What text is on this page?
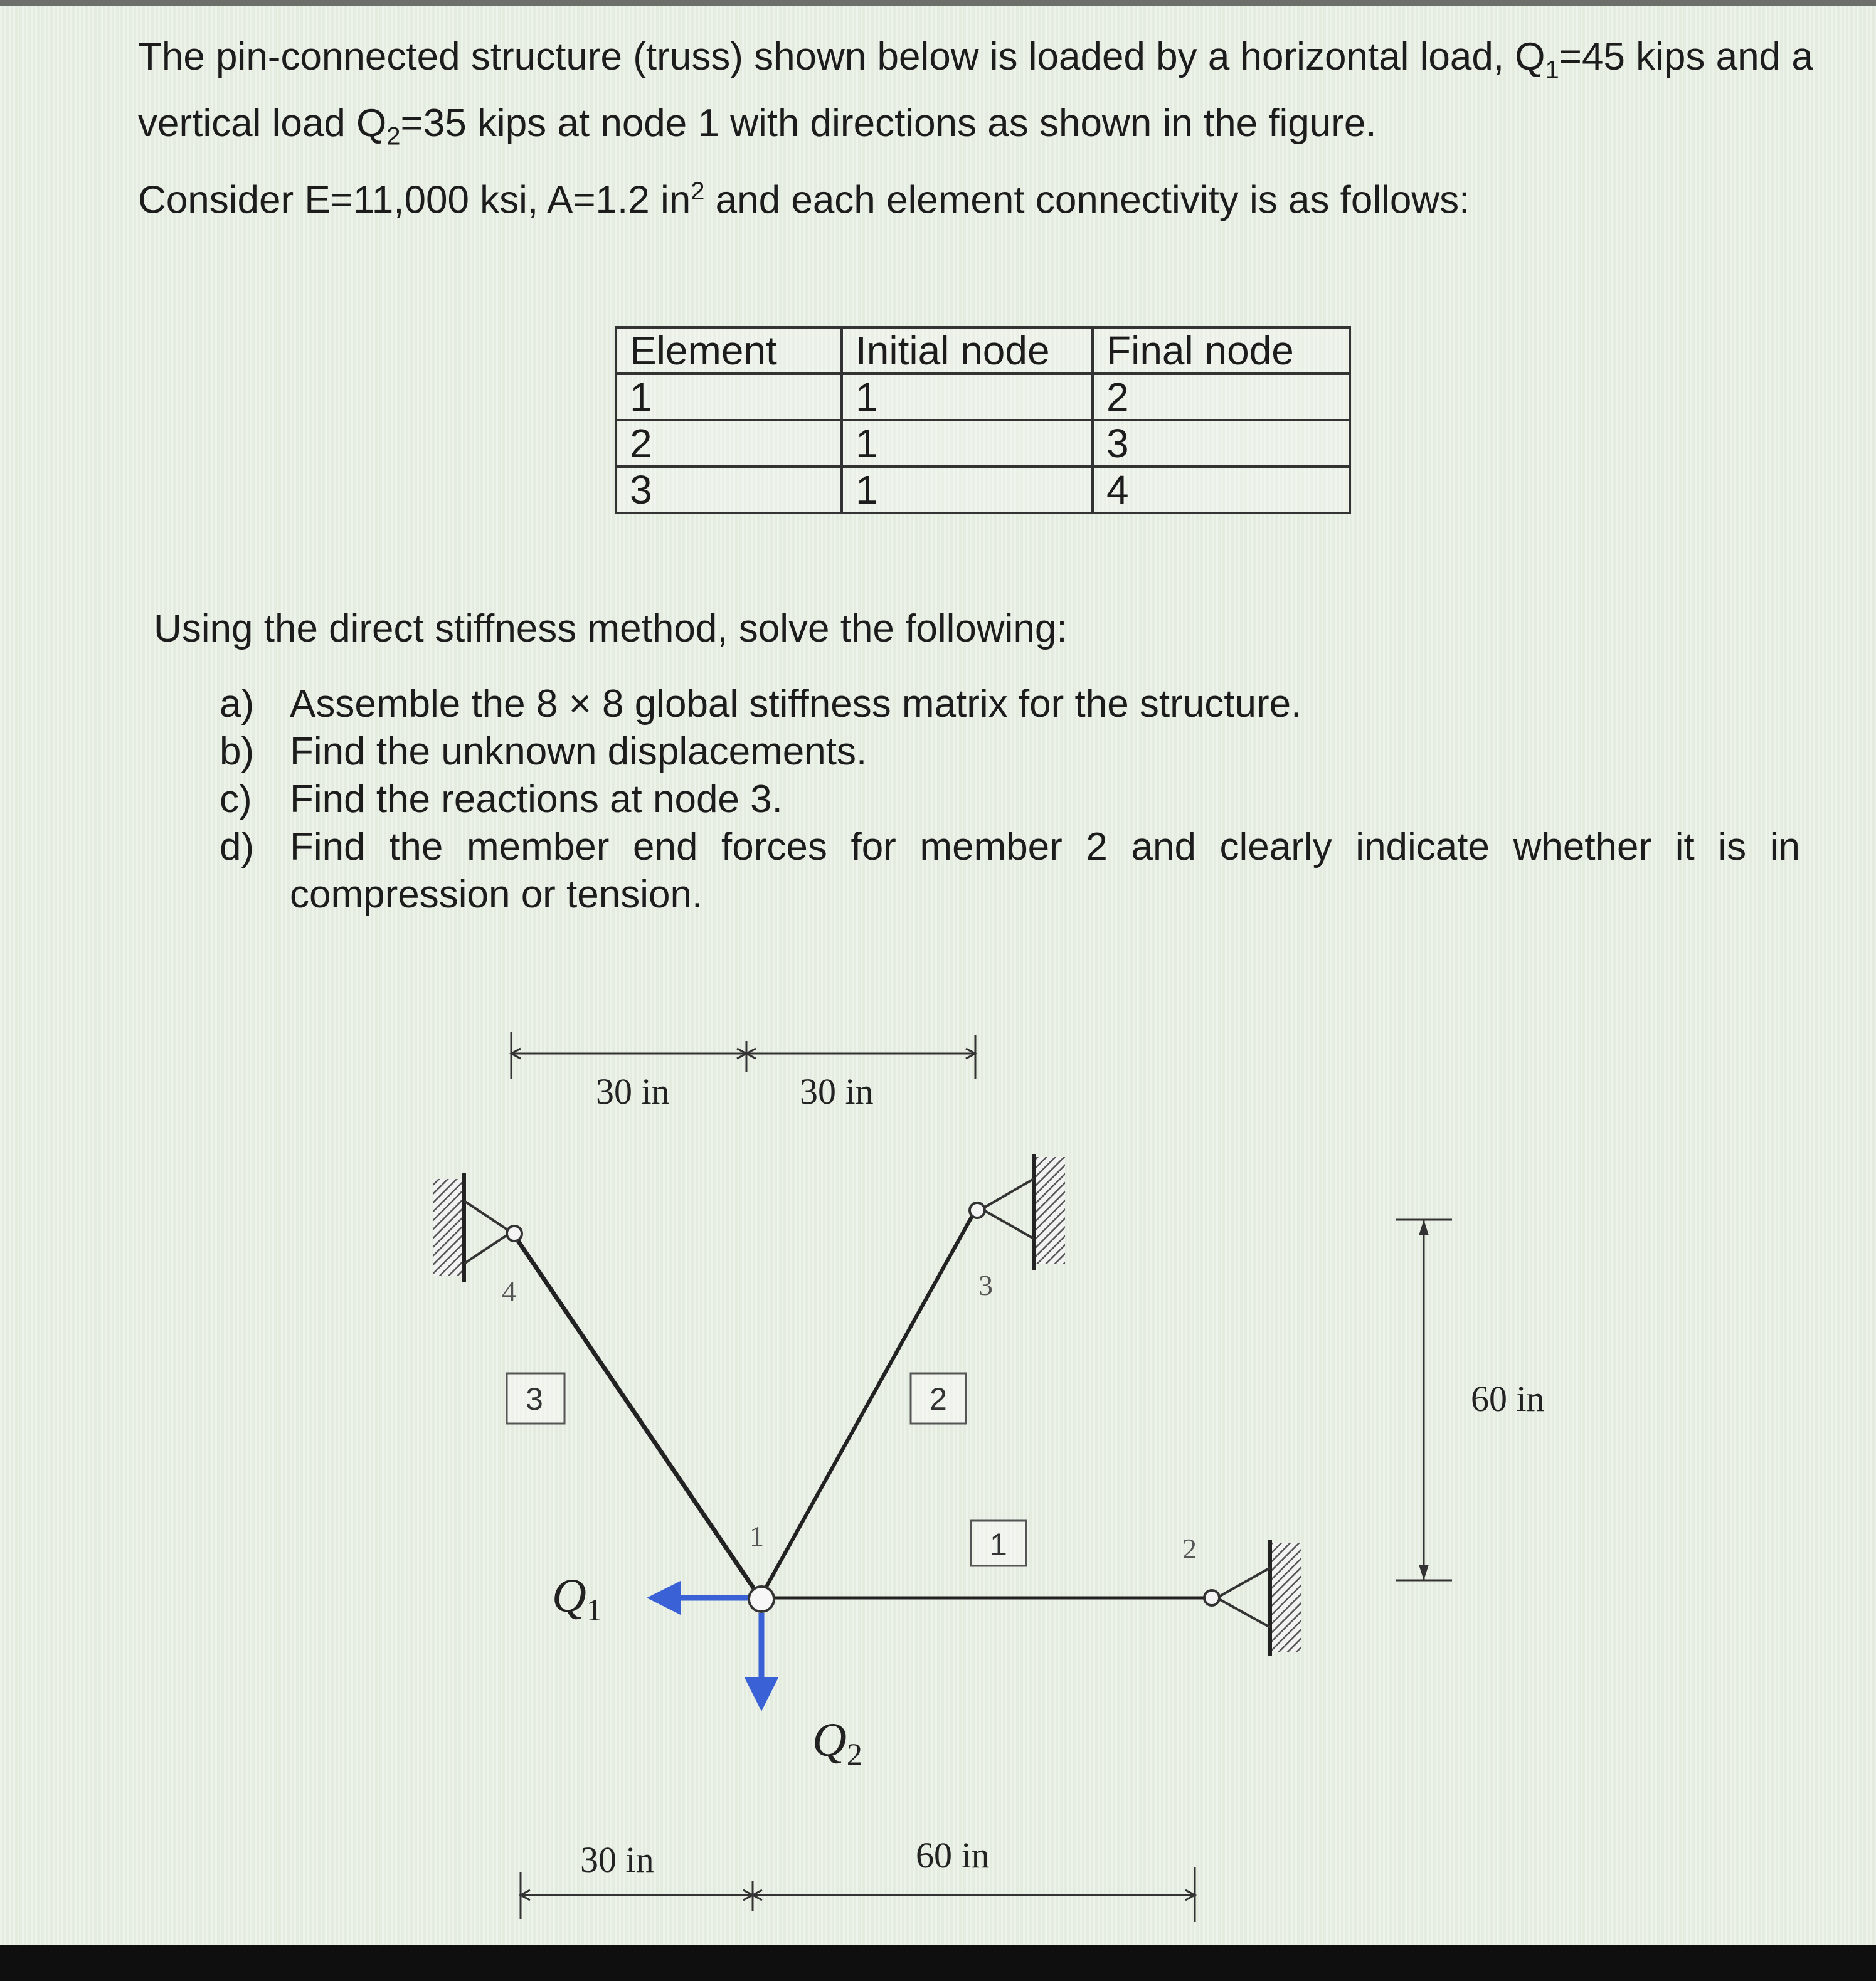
The pin-connected structure (truss) shown below is loaded by a horizontal load, $Q_1=45$ kips and a vertical load $Q_2=35$ kips at node 1 with directions as shown in the figure.

Consider E=11,000 ksi, A=1.2 $in^2$ and each element connectivity is as follows:

Element	Initial node	Final node
1	1	2
2	1	3
3	1	4

Using the direct stiffness method, solve the following:

a) Assemble the 8 × 8 global stiffness matrix for the structure.
b) Find the unknown displacements.
c) Find the reactions at node 3.
d) Find the member end forces for member 2 and clearly indicate whether it is in compression or tension.
30 in	30 in
1	2
3
4
3	2
1
Q1
Q2
60 in
30 in	60 in
